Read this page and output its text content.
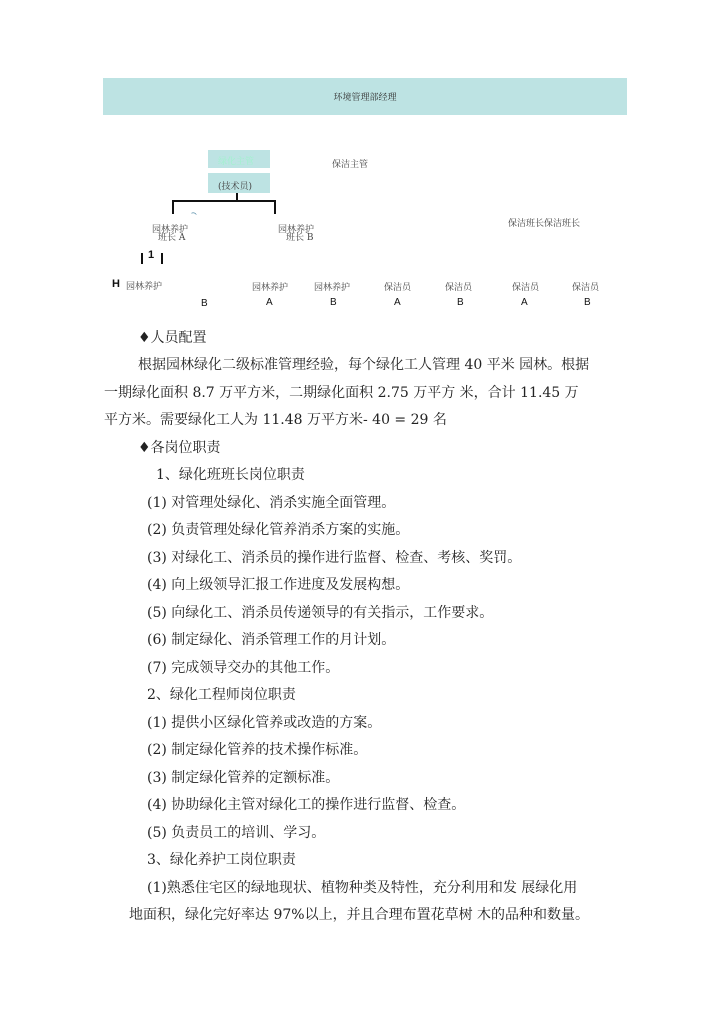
环境管理部经理
绿化主管
(技术员)
保洁主管
◝
园林养护
班长 A
园林养护
班长 B
保洁班长保洁班长
1
H 园林养护
B
园林养护
A
园林养护
B
保洁员
A
保洁员
B
保洁员
A
保洁员
B
♦人员配置
根据园林绿化二级标准管理经验，每个绿化工人管理 40 平米 园林。根据
一期绿化面积 8.7 万平方米，二期绿化面积 2.75 万平方 米，合计 11.45 万
平方米。需要绿化工人为 11.48 万平方米- 40 = 29 名
♦各岗位职责
1、绿化班班长岗位职责
(1) 对管理处绿化、消杀实施全面管理。
(2) 负责管理处绿化管养消杀方案的实施。
(3) 对绿化工、消杀员的操作进行监督、检查、考核、奖罚。
(4) 向上级领导汇报工作进度及发展构想。
(5) 向绿化工、消杀员传递领导的有关指示，工作要求。
(6) 制定绿化、消杀管理工作的月计划。
(7) 完成领导交办的其他工作。
2、绿化工程师岗位职责
(1) 提供小区绿化管养或改造的方案。
(2) 制定绿化管养的技术操作标准。
(3) 制定绿化管养的定额标准。
(4) 协助绿化主管对绿化工的操作进行监督、检查。
(5) 负责员工的培训、学习。
3、绿化养护工岗位职责
(1)熟悉住宅区的绿地现状、植物种类及特性，充分利用和发 展绿化用
地面积，绿化完好率达 97%以上，并且合理布置花草树 木的品种和数量。
